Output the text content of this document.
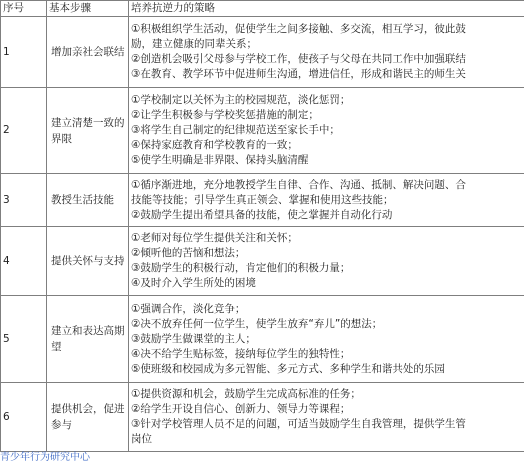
序号	基本步骤	培养抗逆力的策略
1	增加亲社会联结	①积极组织学生活动，促使学生之间多接触、多交流，相互学习，彼此鼓
励，建立健康的同辈关系；
②创造机会吸引父母参与学校工作，使孩子与父母在共同工作中加强联结
③在教育、教学环节中促进师生沟通，增进信任，形成和谐民主的师生关

2	建立清楚一致的界限	①学校制定以关怀为主的校园规范，淡化惩罚；
②让学生积极参与学校奖惩措施的制定；
③将学生自己制定的纪律规范送至家长手中；
④保持家庭教育和学校教育的一致；
⑤使学生明确是非界限、保持头脑清醒

3	教授生活技能	①循序渐进地，充分地教授学生自律、合作、沟通、抵制、解决问题、合
技能等技能；引导学生真正领会、掌握和使用这些技能；
②鼓励学生提出希望具备的技能，使之掌握并自动化行动

4	提供关怀与支持	①老师对每位学生提供关注和关怀；
②倾听他的苦恼和想法；
③鼓励学生的积极行动，肯定他们的积极力量；
④及时介入学生所处的困境

5	建立和表达高期望	①强调合作，淡化竞争；
②决不放弃任何一位学生，使学生放弃“弃儿”的想法；
③鼓励学生做课堂的主人；
④决不给学生贴标签，接纳每位学生的独特性；
⑤使班级和校园成为多元智能、多元方式、多种学生和谐共处的乐园

6	提供机会，促进参与	①提供资源和机会，鼓励学生完成高标准的任务；
②给学生开设自信心、创新力、领导力等课程；
③针对学校管理人员不足的问题，可适当鼓励学生自我管理，提供学生管
岗位
青少年行为研究中心
